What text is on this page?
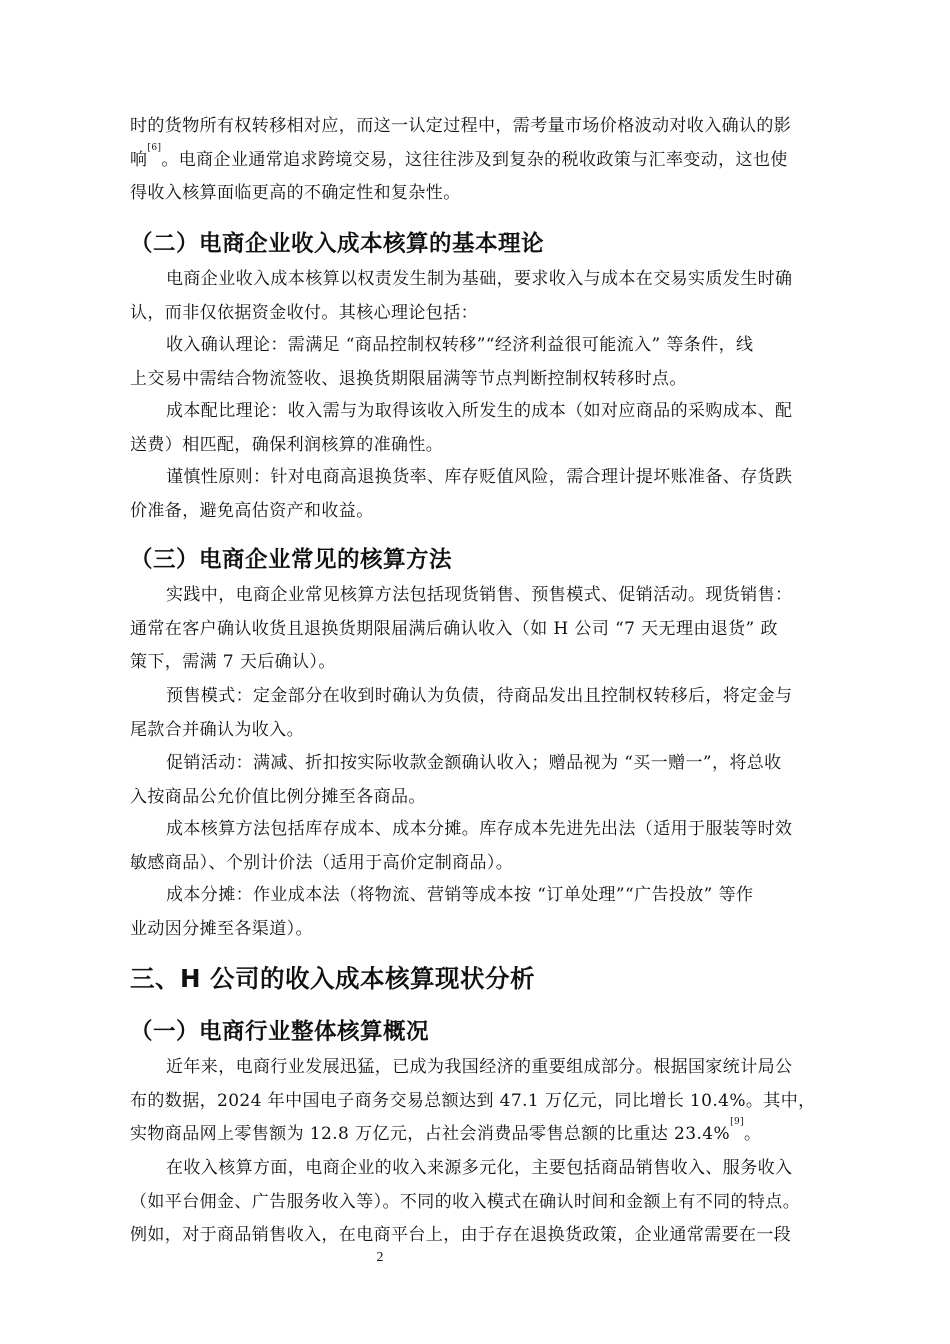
时的货物所有权转移相对应，而这一认定过程中，需考量市场价格波动对收入确认的影
响[6]。电商企业通常追求跨境交易，这往往涉及到复杂的税收政策与汇率变动，这也使
得收入核算面临更高的不确定性和复杂性。
（二）电商企业收入成本核算的基本理论
电商企业收入成本核算以权责发生制为基础，要求收入与成本在交易实质发生时确
认，而非仅依据资金收付。其核心理论包括：
收入确认理论：需满足 “商品控制权转移”“经济利益很可能流入” 等条件，线
上交易中需结合物流签收、退换货期限届满等节点判断控制权转移时点。
成本配比理论：收入需与为取得该收入所发生的成本（如对应商品的采购成本、配
送费）相匹配，确保利润核算的准确性。
谨慎性原则：针对电商高退换货率、库存贬值风险，需合理计提坏账准备、存货跌
价准备，避免高估资产和收益。
（三）电商企业常见的核算方法
实践中，电商企业常见核算方法包括现货销售、预售模式、促销活动。现货销售：
通常在客户确认收货且退换货期限届满后确认收入（如 H 公司 “7 天无理由退货” 政
策下，需满 7 天后确认）。
预售模式：定金部分在收到时确认为负债，待商品发出且控制权转移后，将定金与
尾款合并确认为收入。
促销活动：满减、折扣按实际收款金额确认收入；赠品视为 “买一赠一”，将总收
入按商品公允价值比例分摊至各商品。
成本核算方法包括库存成本、成本分摊。库存成本先进先出法（适用于服装等时效
敏感商品）、个别计价法（适用于高价定制商品）。
成本分摊：作业成本法（将物流、营销等成本按 “订单处理”“广告投放” 等作
业动因分摊至各渠道）。
三、H 公司的收入成本核算现状分析
（一）电商行业整体核算概况
近年来，电商行业发展迅猛，已成为我国经济的重要组成部分。根据国家统计局公
布的数据，2024 年中国电子商务交易总额达到 47.1 万亿元，同比增长 10.4%。其中，
实物商品网上零售额为 12.8 万亿元，占社会消费品零售总额的比重达 23.4%[9]。
在收入核算方面，电商企业的收入来源多元化，主要包括商品销售收入、服务收入
（如平台佣金、广告服务收入等）。不同的收入模式在确认时间和金额上有不同的特点。
例如，对于商品销售收入，在电商平台上，由于存在退换货政策，企业通常需要在一段
2
